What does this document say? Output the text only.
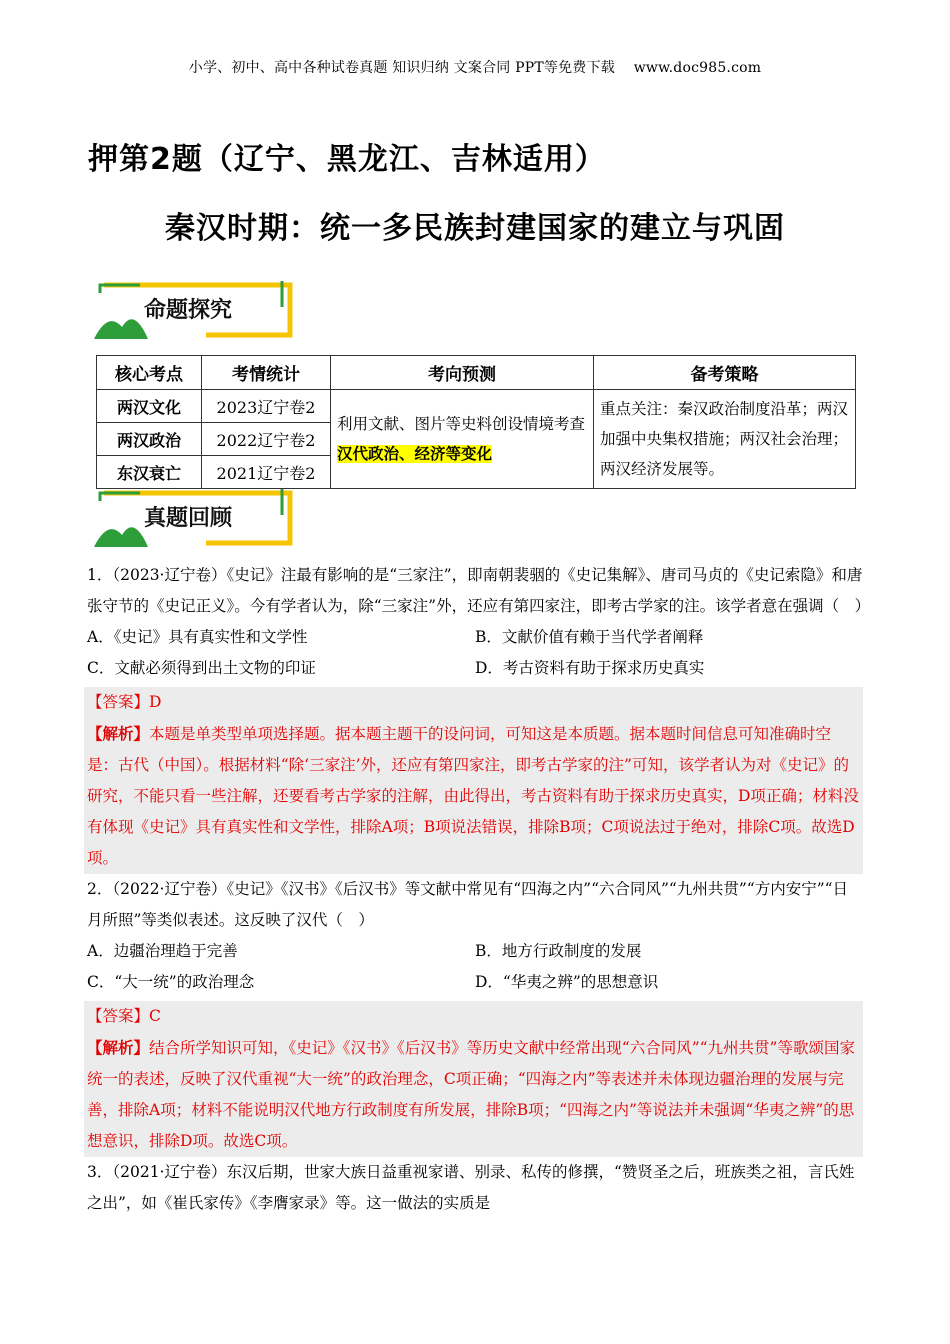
小学、初中、高中各种试卷真题 知识归纳 文案合同 PPT等免费下载　 www.doc985.com
押第2题（辽宁、黑龙江、吉林适用）
秦汉时期：统一多民族封建国家的建立与巩固
命题探究
核心考点	考情统计	考向预测	备考策略
两汉文化	2023辽宁卷2	利用文献、图片等史料创设情境考查汉代政治、经济等变化	重点关注：秦汉政治制度沿革；两汉加强中央集权措施；两汉社会治理；两汉经济发展等。
两汉政治	2022辽宁卷2		
东汉衰亡	2021辽宁卷2		
真题回顾

1．（2023·辽宁卷）《史记》注最有影响的是“三家注”，即南朝裴骃的《史记集解》、唐司马贞的《史记索隐》和唐张守节的《史记正义》。今有学者认为，除“三家注”外，还应有第四家注，即考古学家的注。该学者意在强调（　）

A．《史记》具有真实性和文学性	B．文献价值有赖于当代学者阐释
C．文献必须得到出土文物的印证	D．考古资料有助于探求历史真实
【答案】D
【解析】本题是单类型单项选择题。据本题主题干的设问词，可知这是本质题。据本题时间信息可知准确时空是：古代（中国）。根据材料“除‘三家注’外，还应有第四家注，即考古学家的注”可知，该学者认为对《史记》的研究，不能只看一些注解，还要看考古学家的注解，由此得出，考古资料有助于探求历史真实，D项正确；材料没有体现《史记》具有真实性和文学性，排除A项；B项说法错误，排除B项；C项说法过于绝对，排除C项。故选D项。

2．（2022·辽宁卷）《史记》《汉书》《后汉书》等文献中常见有“四海之内”“六合同风”“九州共贯”“方内安宁”“日月所照”等类似表述。这反映了汉代（　）

A．边疆治理趋于完善	B．地方行政制度的发展
C．“大一统”的政治理念	D．“华夷之辨”的思想意识
【答案】C
【解析】结合所学知识可知，《史记》《汉书》《后汉书》等历史文献中经常出现“六合同风”“九州共贯”等歌颂国家统一的表述，反映了汉代重视“大一统”的政治理念，C项正确；“四海之内”等表述并未体现边疆治理的发展与完善，排除A项；材料不能说明汉代地方行政制度有所发展，排除B项；“四海之内”等说法并未强调“华夷之辨”的思想意识，排除D项。故选C项。

3．（2021·辽宁卷）东汉后期，世家大族日益重视家谱、别录、私传的修撰，“赞贤圣之后，班族类之祖，言氏姓之出”，如《崔氏家传》《李膺家录》等。这一做法的实质是
